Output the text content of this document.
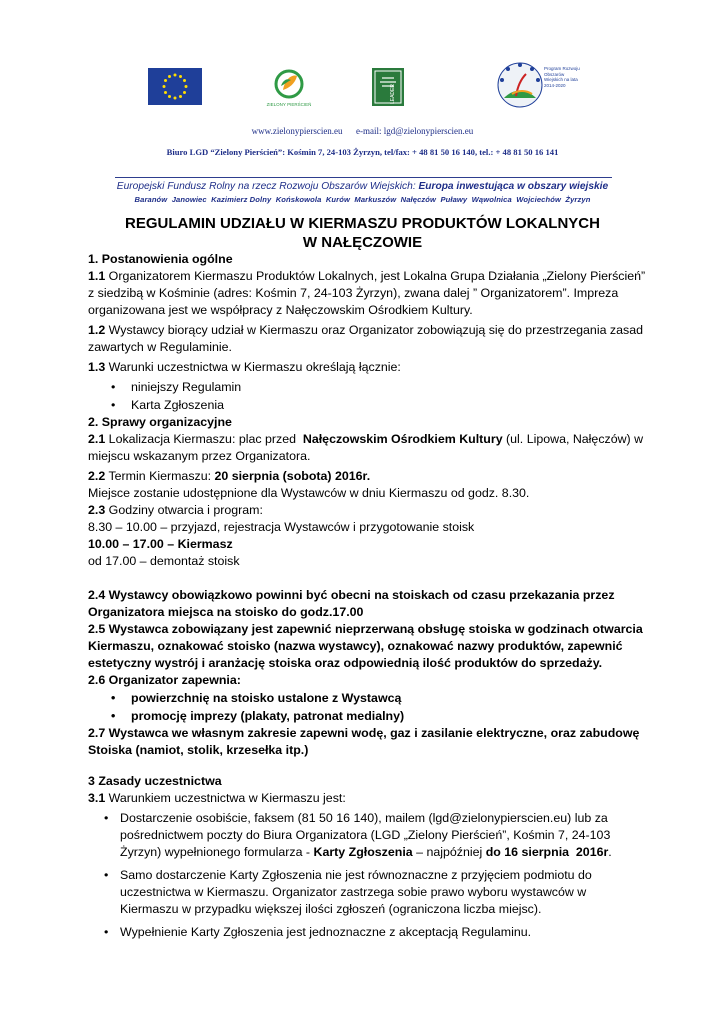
ZIELONY PIERŚCIEŃ
LEADER
Program Rozwoju Obszarów Wiejskich na lata 2014-2020
www.zielonypierscien.eu      e-mail: lgd@zielonypierscien.eu
Biuro LGD “Zielony Pierścień”: Kośmin 7, 24-103 Żyrzyn, tel/fax: + 48 81 50 16 140, tel.: + 48 81 50 16 141
Europejski Fundusz Rolny na rzecz Rozwoju Obszarów Wiejskich: Europa inwestująca w obszary wiejskie
Baranów  Janowiec  Kazimierz Dolny  Końskowola  Kurów  Markuszów  Nałęczów  Puławy  Wąwolnica  Wojciechów  Żyrzyn
REGULAMIN UDZIAŁU W KIERMASZU PRODUKTÓW LOKALNYCH
W NAŁĘCZOWIE

1. Postanowienia ogólne

1.1 Organizatorem Kiermaszu Produktów Lokalnych, jest Lokalna Grupa Działania „Zielony Pierścień” z siedzibą w Kośminie (adres: Kośmin 7, 24-103 Żyrzyn), zwana dalej ” Organizatorem”. Impreza organizowana jest we współpracy z Nałęczowskim Ośrodkiem Kultury.

1.2 Wystawcy biorący udział w Kiermaszu oraz Organizator zobowiązują się do przestrzegania zasad zawartych w Regulaminie.

1.3 Warunki uczestnictwa w Kiermaszu określają łącznie:

• niniejszy Regulamin
• Karta Zgłoszenia

2. Sprawy organizacyjne

2.1 Lokalizacja Kiermaszu: plac przed  Nałęczowskim Ośrodkiem Kultury (ul. Lipowa, Nałęczów) w miejscu wskazanym przez Organizatora.

2.2 Termin Kiermaszu: 20 sierpnia (sobota) 2016r.

Miejsce zostanie udostępnione dla Wystawców w dniu Kiermaszu od godz. 8.30.

2.3 Godziny otwarcia i program:

8.30 – 10.00 – przyjazd, rejestracja Wystawców i przygotowanie stoisk

10.00 – 17.00 – Kiermasz

od 17.00 – demontaż stoisk

2.4 Wystawcy obowiązkowo powinni być obecni na stoiskach od czasu przekazania przez Organizatora miejsca na stoisko do godz.17.00

2.5 Wystawca zobowiązany jest zapewnić nieprzerwaną obsługę stoiska w godzinach otwarcia Kiermaszu, oznakować stoisko (nazwa wystawcy), oznakować nazwy produktów, zapewnić estetyczny wystrój i aranżację stoiska oraz odpowiednią ilość produktów do sprzedaży.

2.6 Organizator zapewnia:

• powierzchnię na stoisko ustalone z Wystawcą
• promocję imprezy (plakaty, patronat medialny)

2.7 Wystawca we własnym zakresie zapewni wodę, gaz i zasilanie elektryczne, oraz zabudowę Stoiska (namiot, stolik, krzesełka itp.)

3 Zasady uczestnictwa

3.1 Warunkiem uczestnictwa w Kiermaszu jest:

• Dostarczenie osobiście, faksem (81 50 16 140), mailem (lgd@zielonypierscien.eu) lub za pośrednictwem poczty do Biura Organizatora (LGD „Zielony Pierścień”, Kośmin 7, 24-103 Żyrzyn) wypełnionego formularza - Karty Zgłoszenia – najpóźniej do 16 sierpnia  2016r.
• Samo dostarczenie Karty Zgłoszenia nie jest równoznaczne z przyjęciem podmiotu do uczestnictwa w Kiermaszu. Organizator zastrzega sobie prawo wyboru wystawców w Kiermaszu w przypadku większej ilości zgłoszeń (ograniczona liczba miejsc).
• Wypełnienie Karty Zgłoszenia jest jednoznaczne z akceptacją Regulaminu.
